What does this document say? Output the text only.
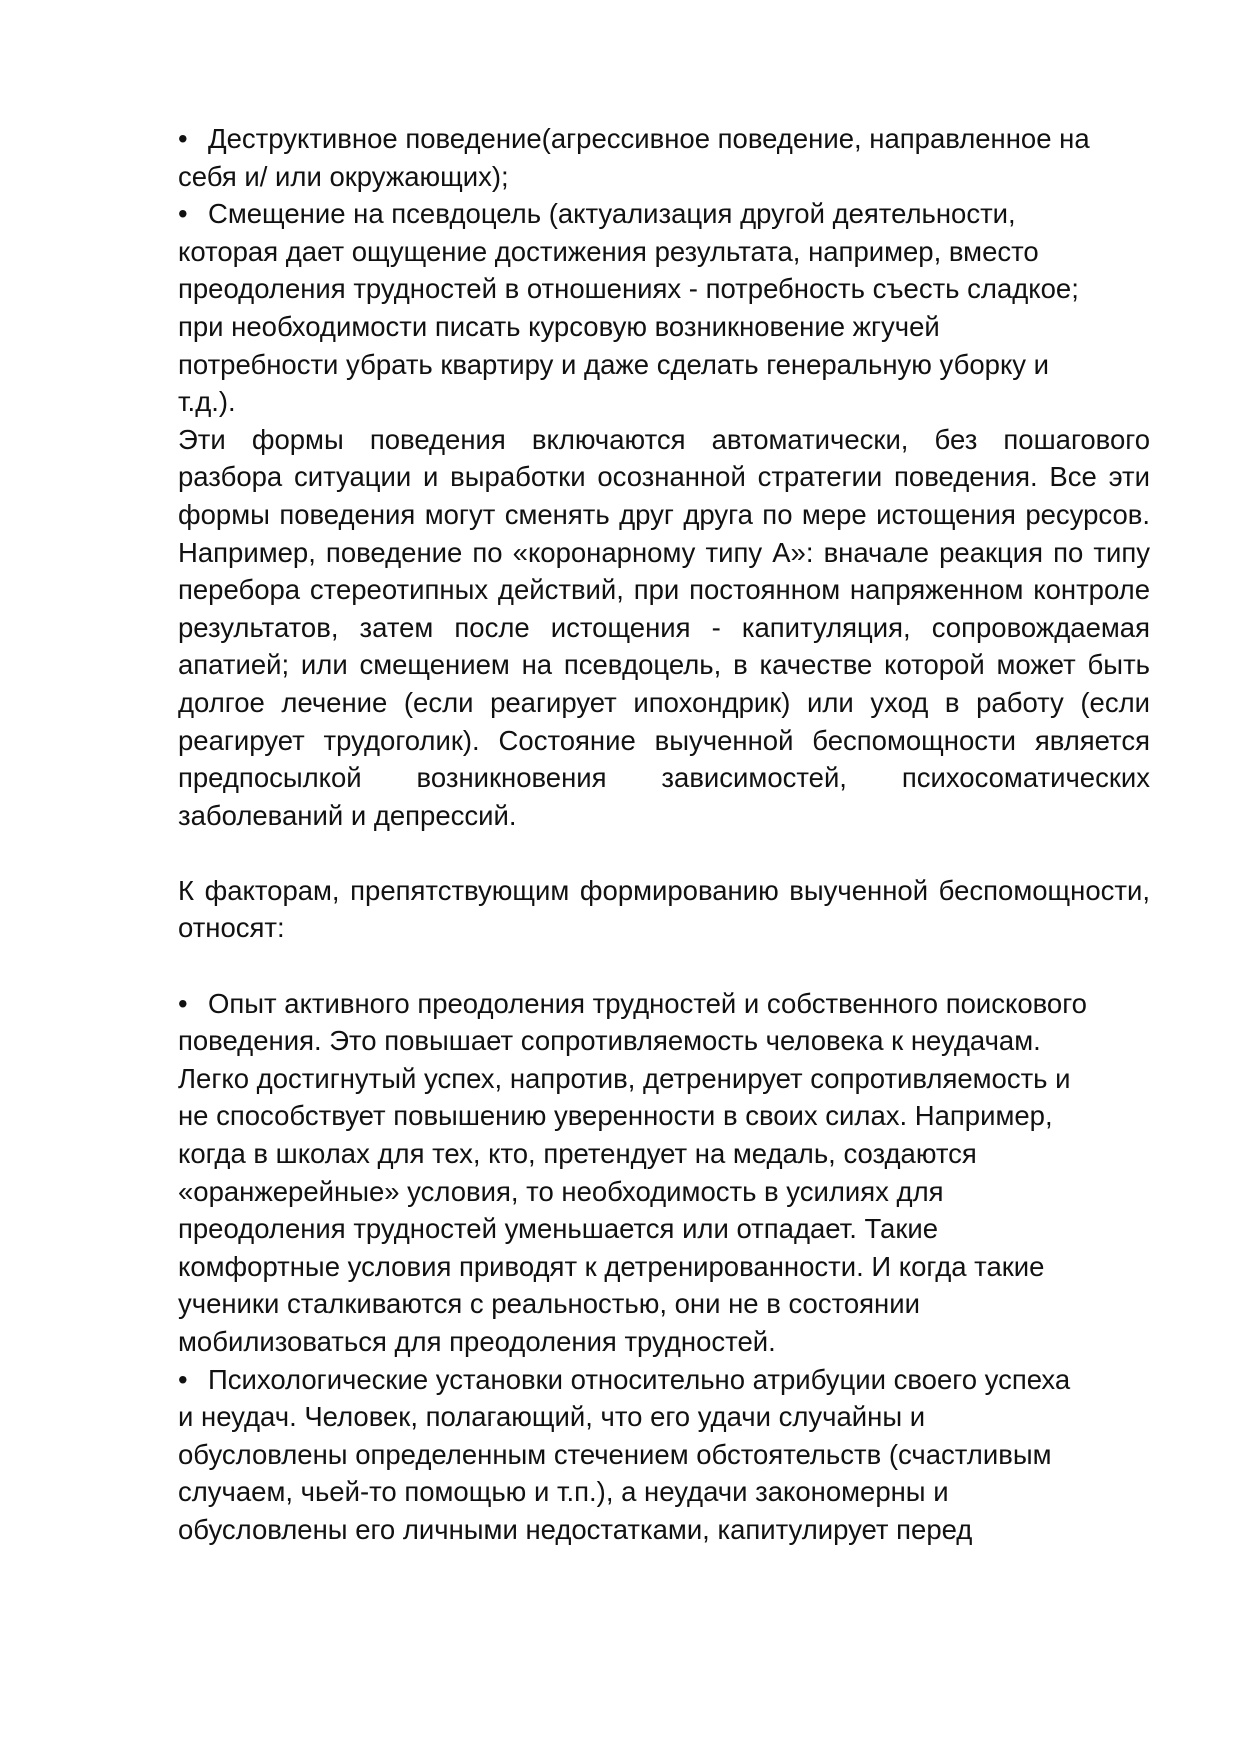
• Деструктивное поведение(агрессивное поведение, направленное на
себя и/ или окружающих);

• Смещение на псевдоцель (актуализация другой деятельности,
которая дает ощущение достижения результата, например, вместо
преодоления трудностей в отношениях - потребность съесть сладкое;
при необходимости писать курсовую возникновение жгучей
потребности убрать квартиру и даже сделать генеральную уборку и
т.д.).

Эти формы поведения включаются автоматически, без пошагового разбора ситуации и выработки осознанной стратегии поведения. Все эти формы поведения могут сменять друг друга по мере истощения ресурсов. Например, поведение по «коронарному типу А»: вначале реакция по типу перебора стереотипных действий, при постоянном напряженном контроле результатов, затем после истощения - капитуляция, сопровождаемая апатией; или смещением на псевдоцель, в качестве которой может быть долгое лечение (если реагирует ипохондрик) или уход в работу (если реагирует трудоголик). Состояние выученной беспомощности является предпосылкой возникновения зависимостей, психосоматических заболеваний и депрессий.

К факторам, препятствующим формированию выученной беспомощности, относят:

• Опыт активного преодоления трудностей и собственного поискового
поведения. Это повышает сопротивляемость человека к неудачам.
Легко достигнутый успех, напротив, детренирует сопротивляемость и
не способствует повышению уверенности в своих силах. Например,
когда в школах для тех, кто, претендует на медаль, создаются
«оранжерейные» условия, то необходимость в усилиях для
преодоления трудностей уменьшается или отпадает. Такие
комфортные условия приводят к детренированности. И когда такие
ученики сталкиваются с реальностью, они не в состоянии
мобилизоваться для преодоления трудностей.

• Психологические установки относительно атрибуции своего успеха
и неудач. Человек, полагающий, что его удачи случайны и
обусловлены определенным стечением обстоятельств (счастливым
случаем, чьей-то помощью и т.п.), а неудачи закономерны и
обусловлены его личными недостатками, капитулирует перед
